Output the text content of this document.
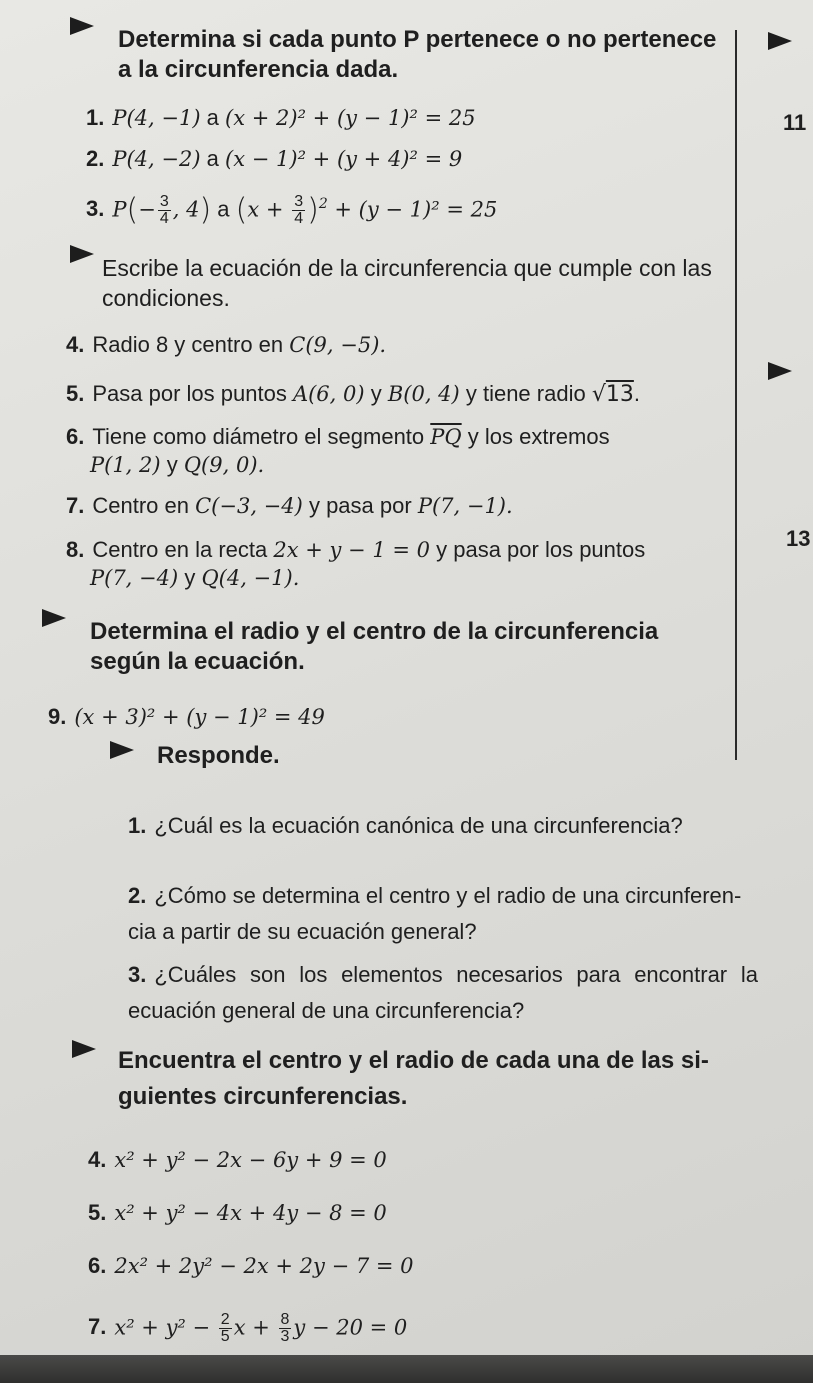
11
13
Determina si cada punto P pertenece o no pertenece a la circunferencia dada.
1. P(4, −1) a (x + 2)² + (y − 1)² = 25
2. P(4, −2) a (x − 1)² + (y + 4)² = 9
3. $P(- \frac{3}{4}$ , 4) a $(x + \frac{3}{4} )^2 + (y - 1)^2 = 25$
Escribe la ecuación de la circunferencia que cumple con las condiciones.
4. Radio 8 y centro en C(9, −5).
5. Pasa por los puntos A(6, 0) y B(0, 4) y tiene radio √13.
6. Tiene como diámetro el segmento $\overline{PQ}$ y los extremos
P(1, 2) y Q(9, 0).
7. Centro en C(−3, −4) y pasa por P(7, −1).
8. Centro en la recta 2x + y − 1 = 0 y pasa por los puntos
P(7, −4) y Q(4, −1).
Determina el radio y el centro de la circunferencia según la ecuación.
9. (x + 3)² + (y − 1)² = 49
Responde.
1. ¿Cuál es la ecuación canónica de una circunferencia?
2. ¿Cómo se determina el centro y el radio de una circunferen- cia a partir de su ecuación general?
3. ¿Cuáles son los elementos necesarios para encontrar la ecuación general de una circunferencia?
Encuentra el centro y el radio de cada una de las si- guientes circunferencias.
4. x² + y² − 2x − 6y + 9 = 0
5. x² + y² − 4x + 4y − 8 = 0
6. 2x² + 2y² − 2x + 2y − 7 = 0
7. $x^2 + y^2 - \frac{2}{5}$ $x + \frac{8}{3}$ y − 20 = 0
